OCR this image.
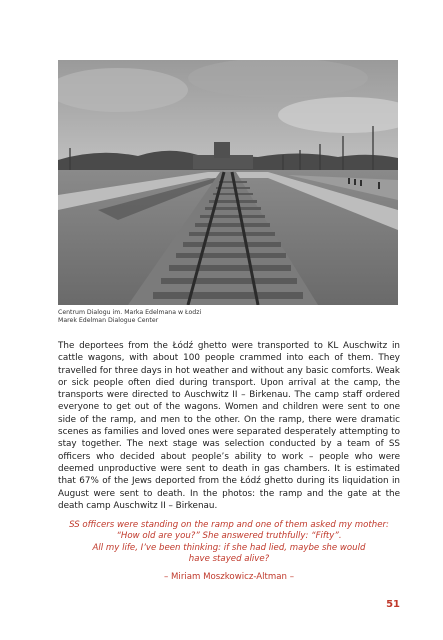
Centrum Dialogu im. Marka Edelmana w Łodzi
Marek Edelman Dialogue Center

The deportees from the Łódź ghetto were transported to KL Auschwitz in cattle wagons, with about 100 people crammed into each of them. They travelled for three days in hot weather and without any basic comforts. Weak or sick people often died during transport. Upon arrival at the camp, the transports were directed to Auschwitz II – Birkenau. The camp staff ordered everyone to get out of the wagons. Women and children were sent to one side of the ramp, and men to the other. On the ramp, there were dramatic scenes as families and loved ones were separated desperately attempting to stay together. The next stage was selection conducted by a team of SS officers who decided about people’s ability to work – people who were deemed unproductive were sent to death in gas chambers. It is estimated that 67% of the Jews deported from the Łódź ghetto during its liquidation in August were sent to death. In the photos: the ramp and the gate at the death camp Auschwitz II – Birkenau.

SS officers were standing on the ramp and one of them asked my mother:
“How old are you?” She answered truthfully: “Fifty”.
All my life, I’ve been thinking: if she had lied, maybe she would
have stayed alive?
– Miriam Moszkowicz-Altman –
51
